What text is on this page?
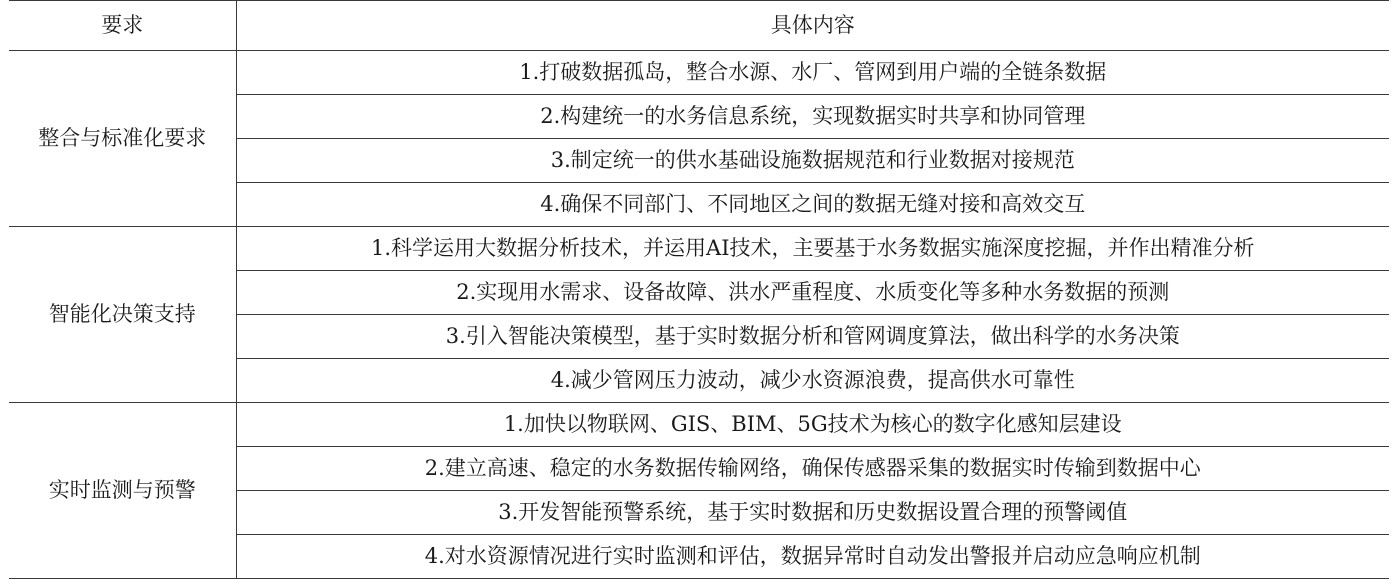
要求	具体内容
整合与标准化要求	1.打破数据孤岛，整合水源、水厂、管网到用户端的全链条数据
	2.构建统一的水务信息系统，实现数据实时共享和协同管理
	3.制定统一的供水基础设施数据规范和行业数据对接规范
	4.确保不同部门、不同地区之间的数据无缝对接和高效交互
智能化决策支持	1.科学运用大数据分析技术，并运用AI技术，主要基于水务数据实施深度挖掘，并作出精准分析
	2.实现用水需求、设备故障、洪水严重程度、水质变化等多种水务数据的预测
	3.引入智能决策模型，基于实时数据分析和管网调度算法，做出科学的水务决策
	4.减少管网压力波动，减少水资源浪费，提高供水可靠性
实时监测与预警	1.加快以物联网、GIS、BIM、5G技术为核心的数字化感知层建设
	2.建立高速、稳定的水务数据传输网络，确保传感器采集的数据实时传输到数据中心
	3.开发智能预警系统，基于实时数据和历史数据设置合理的预警阈值
	4.对水资源情况进行实时监测和评估，数据异常时自动发出警报并启动应急响应机制
